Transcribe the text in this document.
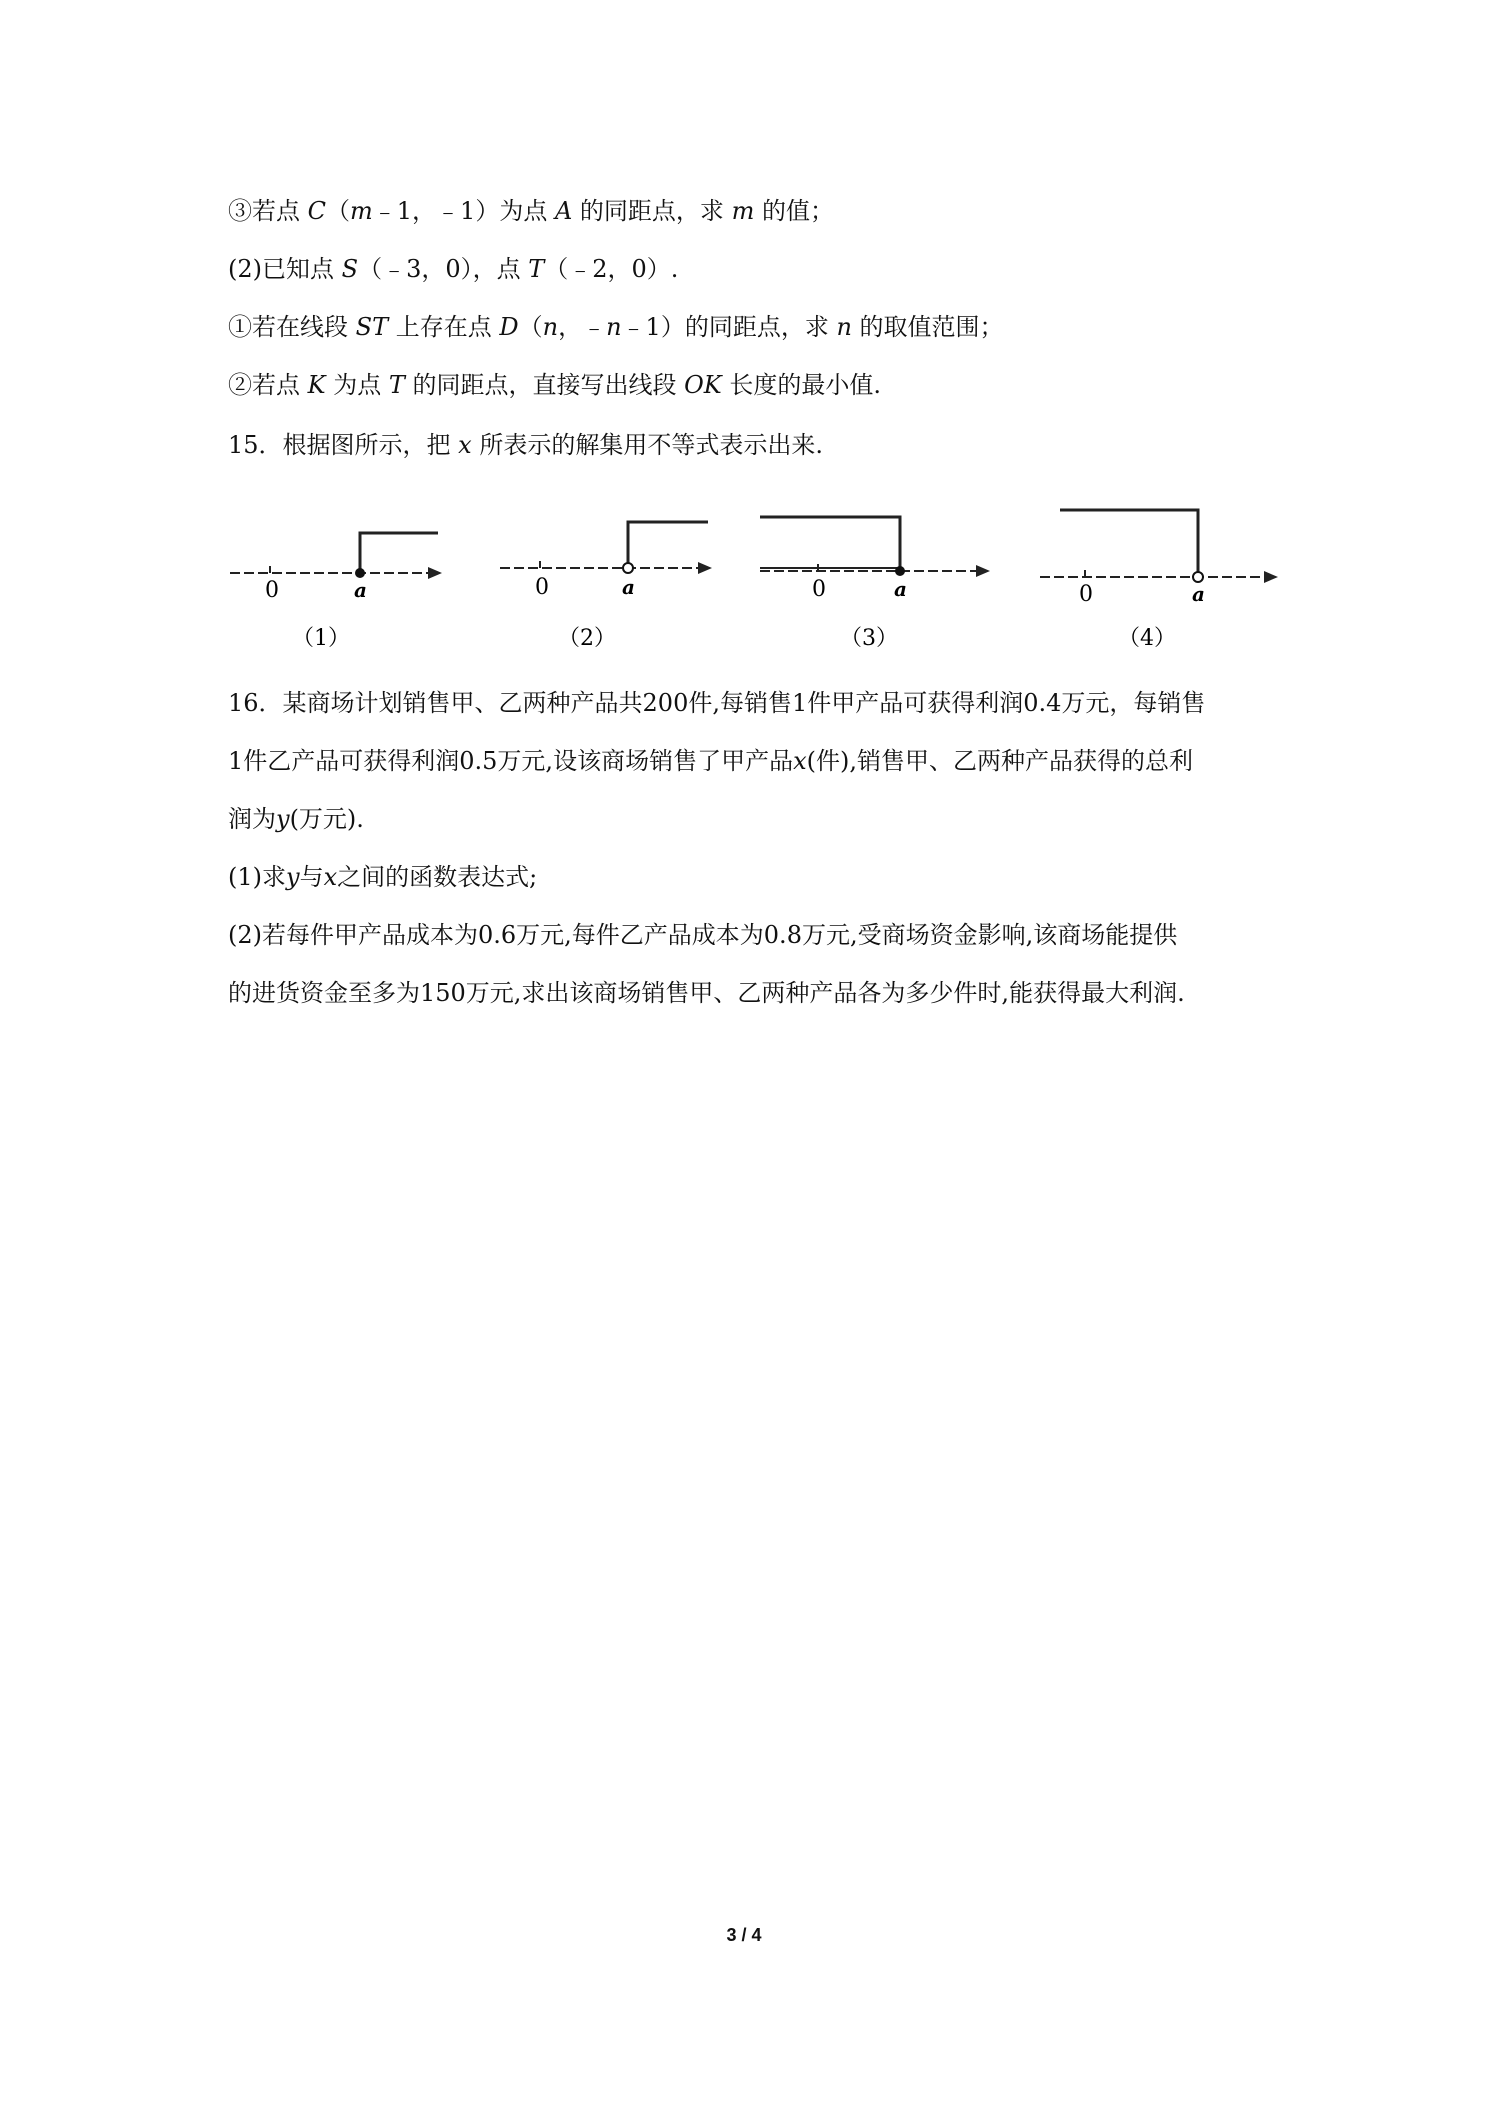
③若点 C（m﹣1，﹣1）为点 A 的同距点，求 m 的值；
(2)已知点 S（﹣3，0），点 T（﹣2，0）.
①若在线段 ST 上存在点 D（n，﹣n﹣1）的同距点，求 n 的取值范围；
②若点 K 为点 T 的同距点，直接写出线段 OK 长度的最小值.
15．根据图所示，把 x 所表示的解集用不等式表示出来.
0	a
（1）
0	a
（2）
0	a
（3）
0	a
（4）
16．某商场计划销售甲、乙两种产品共200件,每销售1件甲产品可获得利润0.4万元，每销售
1件乙产品可获得利润0.5万元,设该商场销售了甲产品x(件),销售甲、乙两种产品获得的总利
润为y(万元).
(1)求y与x之间的函数表达式;
(2)若每件甲产品成本为0.6万元,每件乙产品成本为0.8万元,受商场资金影响,该商场能提供
的进货资金至多为150万元,求出该商场销售甲、乙两种产品各为多少件时,能获得最大利润.
3 / 4
